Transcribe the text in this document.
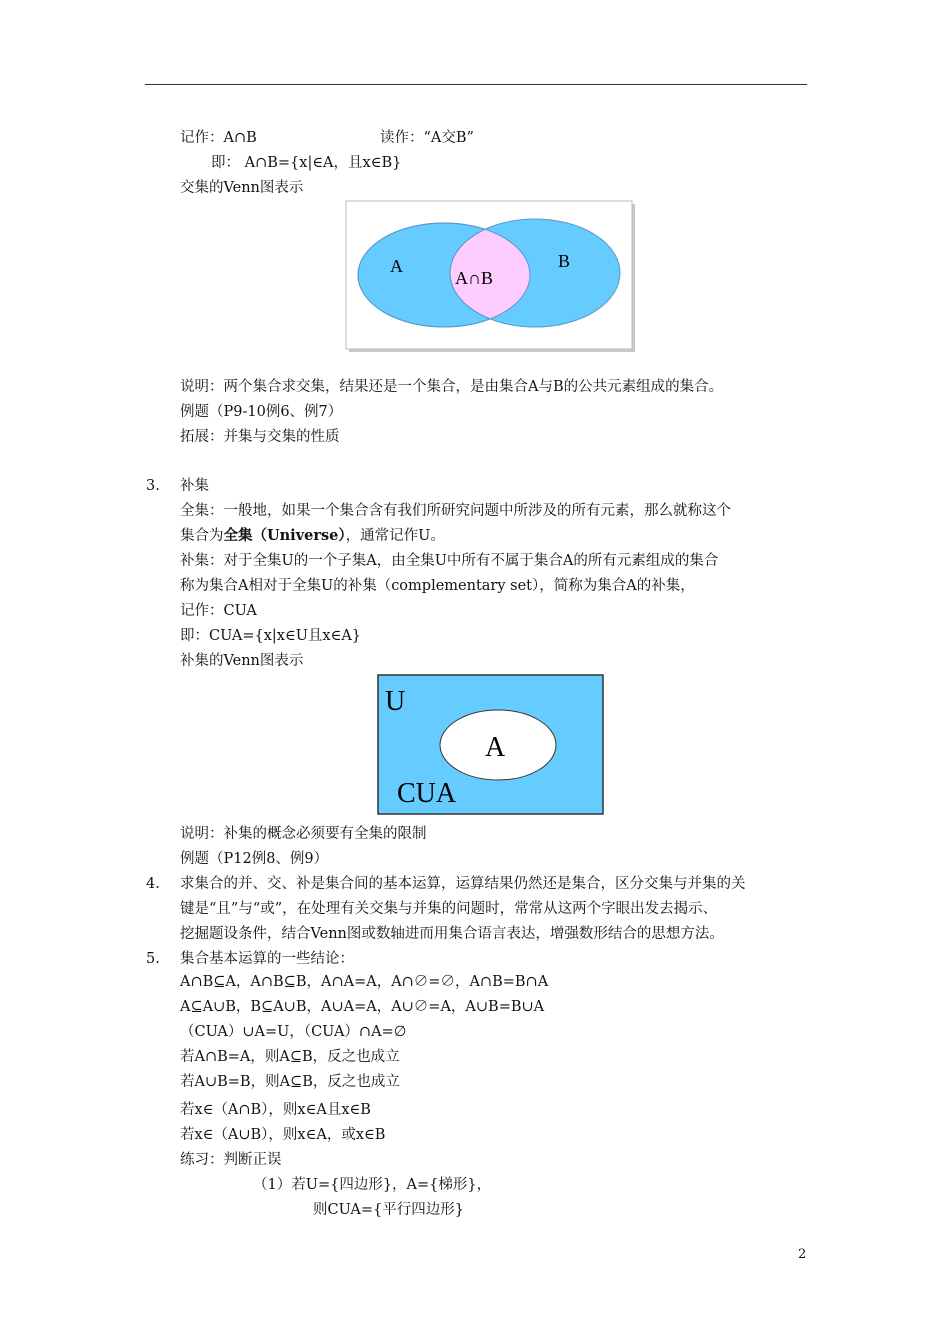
记作：A∩B	读作：“A交B”
即： A∩B={x|∈A，且x∈B}
交集的Venn图表示
A	B
A∩B
说明：两个集合求交集，结果还是一个集合，是由集合A与B的公共元素组成的集合。
例题（P9-10例6、例7）
拓展：并集与交集的性质
3. 补集
全集：一般地，如果一个集合含有我们所研究问题中所涉及的所有元素，那么就称这个
集合为全集（Universe），通常记作U。
补集：对于全集U的一个子集A，由全集U中所有不属于集合A的所有元素组成的集合
称为集合A相对于全集U的补集（complementary set），简称为集合A的补集，
记作：CUA
即：CUA={x|x∈U且x∈A}
补集的Venn图表示
U
A
CUA
说明：补集的概念必须要有全集的限制
例题（P12例8、例9）
4. 求集合的并、交、补是集合间的基本运算，运算结果仍然还是集合，区分交集与并集的关
键是“且”与“或”，在处理有关交集与并集的问题时，常常从这两个字眼出发去揭示、
挖掘题设条件，结合Venn图或数轴进而用集合语言表达，增强数形结合的思想方法。
5. 集合基本运算的一些结论：
A∩B⊆A，A∩B⊆B，A∩A=A，A∩∅=∅，A∩B=B∩A
A⊆A∪B，B⊆A∪B，A∪A=A，A∪∅=A，A∪B=B∪A
（CUA）∪A=U，（CUA）∩A=∅
若A∩B=A，则A⊆B，反之也成立
若A∪B=B，则A⊆B，反之也成立
若x∈（A∩B），则x∈A且x∈B
若x∈（A∪B），则x∈A，或x∈B
练习：判断正误
（1）若U={四边形}，A={梯形}，
则CUA={平行四边形}
2
